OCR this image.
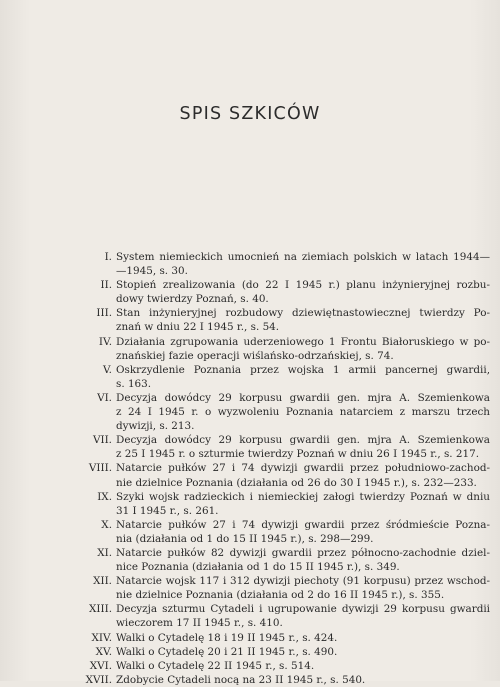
SPIS SZKICÓW
I. System niemieckich umocnień na ziemiach polskich w latach 1944—
—1945, s. 30.
II. Stopień zrealizowania (do 22 I 1945 r.) planu inżynieryjnej rozbu-
dowy twierdzy Poznań, s. 40.
III. Stan inżynieryjnej rozbudowy dziewiętnastowiecznej twierdzy Po-
znań w dniu 22 I 1945 r., s. 54.
IV. Działania zgrupowania uderzeniowego 1 Frontu Białoruskiego w po-
znańskiej fazie operacji wiślańsko-odrzańskiej, s. 74.
V. Oskrzydlenie Poznania przez wojska 1 armii pancernej gwardii,
s. 163.
VI. Decyzja dowódcy 29 korpusu gwardii gen. mjra A. Szemienkowa
z 24 I 1945 r. o wyzwoleniu Poznania natarciem z marszu trzech
dywizji, s. 213.
VII. Decyzja dowódcy 29 korpusu gwardii gen. mjra A. Szemienkowa
z 25 I 1945 r. o szturmie twierdzy Poznań w dniu 26 I 1945 r., s. 217.
VIII. Natarcie pułków 27 i 74 dywizji gwardii przez południowo-zachod-
nie dzielnice Poznania (działania od 26 do 30 I 1945 r.), s. 232—233.
IX. Szyki wojsk radzieckich i niemieckiej załogi twierdzy Poznań w dniu
31 I 1945 r., s. 261.
X. Natarcie pułków 27 i 74 dywizji gwardii przez śródmieście Pozna-
nia (działania od 1 do 15 II 1945 r.), s. 298—299.
XI. Natarcie pułków 82 dywizji gwardii przez północno-zachodnie dziel-
nice Poznania (działania od 1 do 15 II 1945 r.), s. 349.
XII. Natarcie wojsk 117 i 312 dywizji piechoty (91 korpusu) przez wschod-
nie dzielnice Poznania (działania od 2 do 16 II 1945 r.), s. 355.
XIII. Decyzja szturmu Cytadeli i ugrupowanie dywizji 29 korpusu gwardii
wieczorem 17 II 1945 r., s. 410.
XIV. Walki o Cytadelę 18 i 19 II 1945 r., s. 424.
XV. Walki o Cytadelę 20 i 21 II 1945 r., s. 490.
XVI. Walki o Cytadelę 22 II 1945 r., s. 514.
XVII. Zdobycie Cytadeli nocą na 23 II 1945 r., s. 540.
